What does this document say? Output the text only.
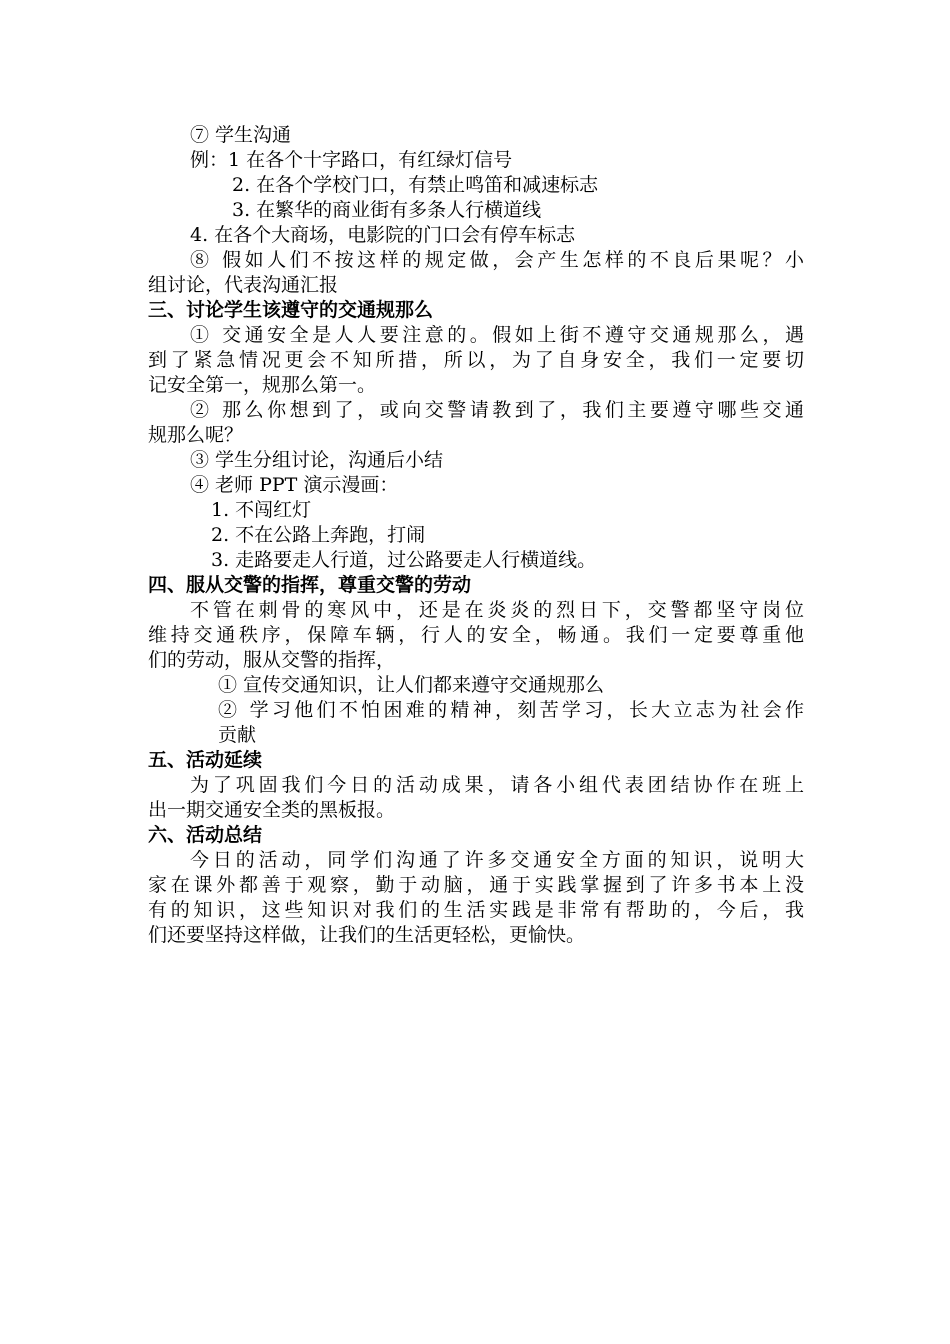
⑦ 学生沟通
例：1 在各个十字路口，有红绿灯信号
2. 在各个学校门口，有禁止鸣笛和减速标志
3. 在繁华的商业街有多条人行横道线
4. 在各个大商场，电影院的门口会有停车标志
⑧ 假如人们不按这样的规定做，会产生怎样的不良后果呢？小
组讨论，代表沟通汇报
三、讨论学生该遵守的交通规那么
① 交通安全是人人要注意的。假如上街不遵守交通规那么，遇
到了紧急情况更会不知所措，所以，为了自身安全，我们一定要切
记安全第一，规那么第一。
② 那么你想到了，或向交警请教到了，我们主要遵守哪些交通
规那么呢？
③ 学生分组讨论，沟通后小结
④ 老师 PPT 演示漫画：
1. 不闯红灯
2. 不在公路上奔跑，打闹
3. 走路要走人行道，过公路要走人行横道线。
四、服从交警的指挥，尊重交警的劳动
不管在刺骨的寒风中，还是在炎炎的烈日下，交警都坚守岗位
维持交通秩序，保障车辆，行人的安全，畅通。我们一定要尊重他
们的劳动，服从交警的指挥，
① 宣传交通知识，让人们都来遵守交通规那么
② 学习他们不怕困难的精神，刻苦学习，长大立志为社会作
贡献
五、活动延续
为了巩固我们今日的活动成果，请各小组代表团结协作在班上
出一期交通安全类的黑板报。
六、活动总结
今日的活动，同学们沟通了许多交通安全方面的知识，说明大
家在课外都善于观察，勤于动脑，通于实践掌握到了许多书本上没
有的知识，这些知识对我们的生活实践是非常有帮助的，今后，我
们还要坚持这样做，让我们的生活更轻松，更愉快。
